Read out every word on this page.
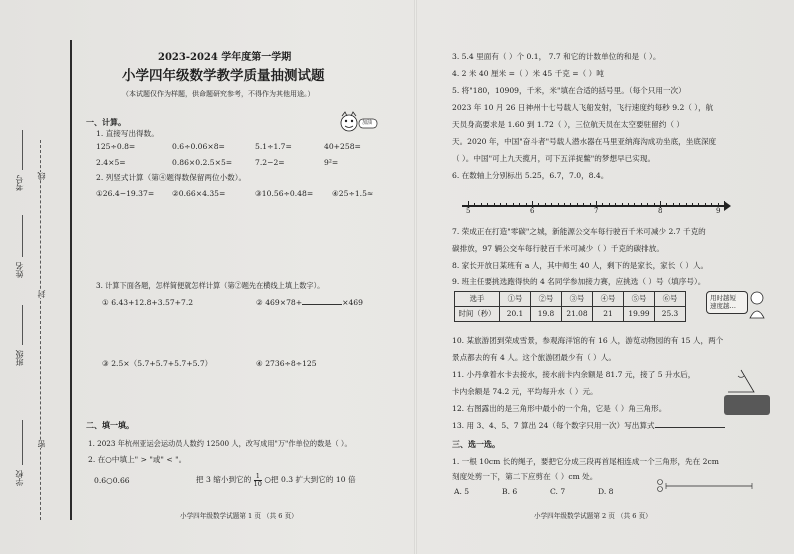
学校
班级
姓名
考号
密
封
线
2023-2024 学年度第一学期
小学四年级数学教学质量抽测试题
（本试题仅作为样题，供命题研究参考，不得作为其他用途。）
加油
一、计算。
1. 直接写出得数。
125÷0.8=	0.6÷0.06×8=	5.1÷1.7=	40+258=
2.4×5=	0.86×0.2.5×5=	7.2−2=	9²=
2. 列竖式计算（第④题得数保留两位小数）。
①26.4−19.37= ②0.66×4.35=	③10.56÷0.48= ④25÷1.5≈
3. 计算下面各题，怎样简便就怎样计算（第②题先在横线上填上数字）。
① 6.43+12.8+3.57+7.2	② 469×78+	×469
③ 2.5×（5.7+5.7+5.7+5.7）	④ 2736÷8÷125
二、填一填。
1. 2023 年杭州亚运会运动员人数约 12500 人，改写成用"万"作单位的数是（ ）。
2. 在○中填上" > "或" < "。
0.6○0.66	把 3 缩小到它的 $\frac{1}{10}$ ○把 0.3 扩大到它的 10 倍
小学四年级数学试题第 1 页 （共 6 页）
3. 5.4 里面有（ ）个 0.1， 7.7 和它的计数单位的和是（ ）。
4. 2 米 40 厘米 =（ ）米 45 千克 =（ ）吨
5. 将"180，10909，千米，米"填在合适的括号里。（每个只用一次）
2023 年 10 月 26 日神州十七号载人飞船发射，飞行速度约每秒 9.2（ ），航
天员身高要求是 1.60 到 1.72（ ），三位航天员在太空要驻留约（ ）
天。2020 年，中国"奋斗者"号载人潜水器在马里亚纳海沟成功坐底，坐底深度
（ ）。中国"可上九天揽月，可下五洋捉鳖"的梦想早已实现。
6. 在数轴上分别标出 5.25，6.7，7.0，8.4。
5	6	7	8	9
7. 荣成正在打造"零碳"之城，新能源公交车每行驶百千米可减少 2.7 千克的
碳排放，97 辆公交车每行驶百千米可减少（ ）千克的碳排放。
8. 家长开放日某班有 a 人，其中师生 40 人，剩下的是家长，家长（ ）人。
9. 班主任要挑选跑得快的 4 名同学参加接力赛，应挑选（ ）号（填序号）。
选手	①号	②号	③号	④号	⑤号	⑥号
时间（秒）	20.1	19.8	21.08	21	19.99	25.3
用时越短
速度越…
10. 某旅游团到荣成雪景，参观海洋馆的有 16 人，游览动物园的有 15 人，两个
景点都去的有 4 人。这个旅游团最少有（ ）人。
11. 小丹拿着水卡去接水，接水前卡内余额是 81.7 元，接了 5 升水后，
卡内余额是 74.2 元，平均每升水（ ）元。
12. 右图露出的是三角形中最小的一个角，它是（ ）角三角形。
13. 用 3、4、5、7 算出 24（每个数字只用一次）写出算式
三、选一选。
1. 一根 10cm 长的绳子，要把它分成三段再首尾相连成一个三角形，先在 2cm
刻度处剪一下，第二下应剪在（ ）cm 处。
A. 5	B. 6	C. 7	D. 8
小学四年级数学试题第 2 页 （共 6 页）
